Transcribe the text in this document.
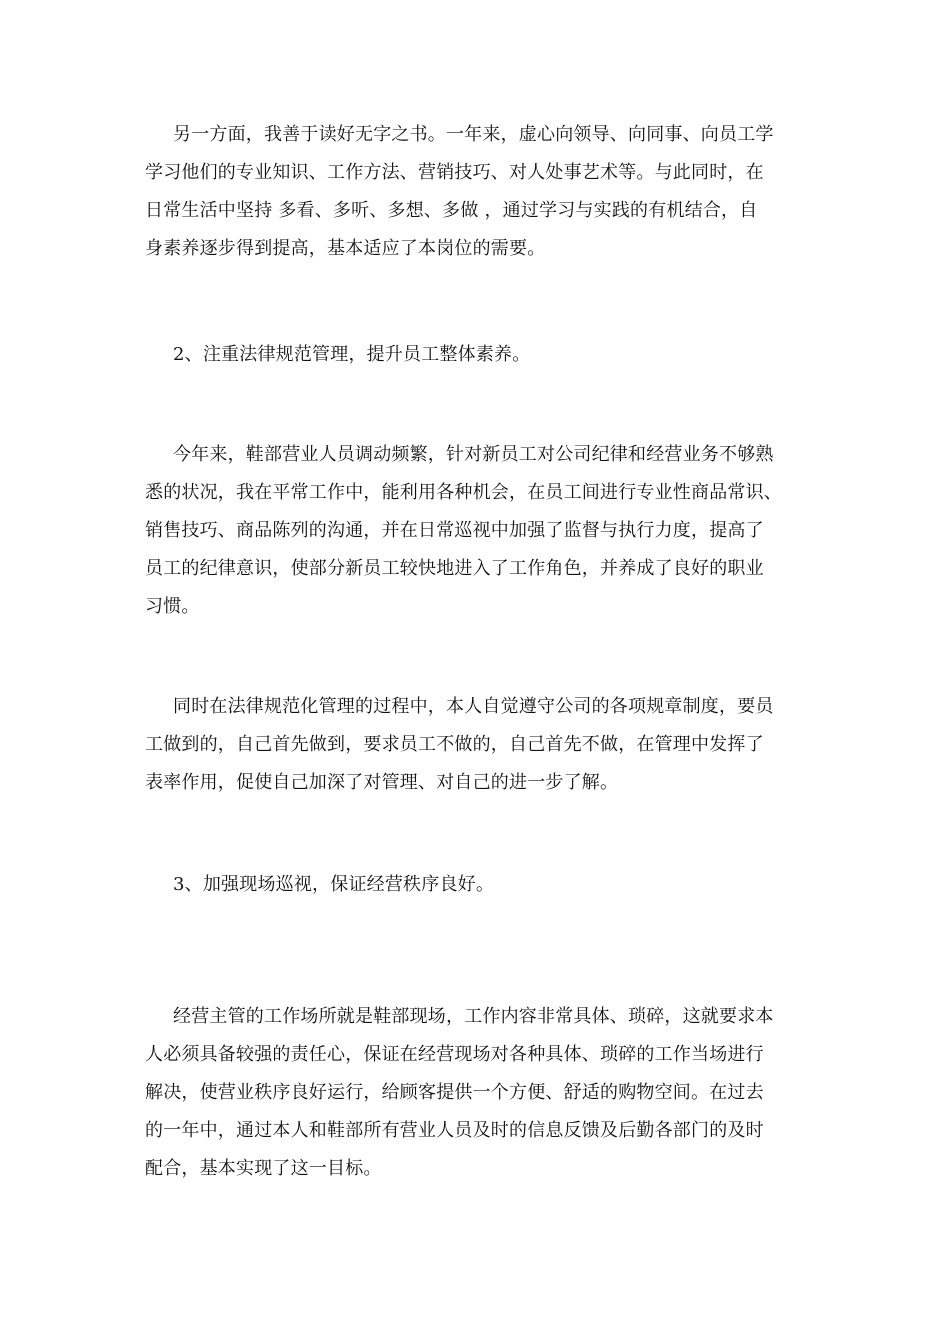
另一方面，我善于读好无字之书。一年来，虚心向领导、向同事、向员工学
学习他们的专业知识、工作方法、营销技巧、对人处事艺术等。与此同时，在
日常生活中坚持 多看、多听、多想、多做 ，通过学习与实践的有机结合，自
身素养逐步得到提高，基本适应了本岗位的需要。
2、注重法律规范管理，提升员工整体素养。
今年来，鞋部营业人员调动频繁，针对新员工对公司纪律和经营业务不够熟
悉的状况，我在平常工作中，能利用各种机会，在员工间进行专业性商品常识、
销售技巧、商品陈列的沟通，并在日常巡视中加强了监督与执行力度，提高了
员工的纪律意识，使部分新员工较快地进入了工作角色，并养成了良好的职业
习惯。
同时在法律规范化管理的过程中，本人自觉遵守公司的各项规章制度，要员
工做到的，自己首先做到，要求员工不做的，自己首先不做，在管理中发挥了
表率作用，促使自己加深了对管理、对自己的进一步了解。
3、加强现场巡视，保证经营秩序良好。
经营主管的工作场所就是鞋部现场，工作内容非常具体、琐碎，这就要求本
人必须具备较强的责任心，保证在经营现场对各种具体、琐碎的工作当场进行
解决，使营业秩序良好运行，给顾客提供一个方便、舒适的购物空间。在过去
的一年中，通过本人和鞋部所有营业人员及时的信息反馈及后勤各部门的及时
配合，基本实现了这一目标。
